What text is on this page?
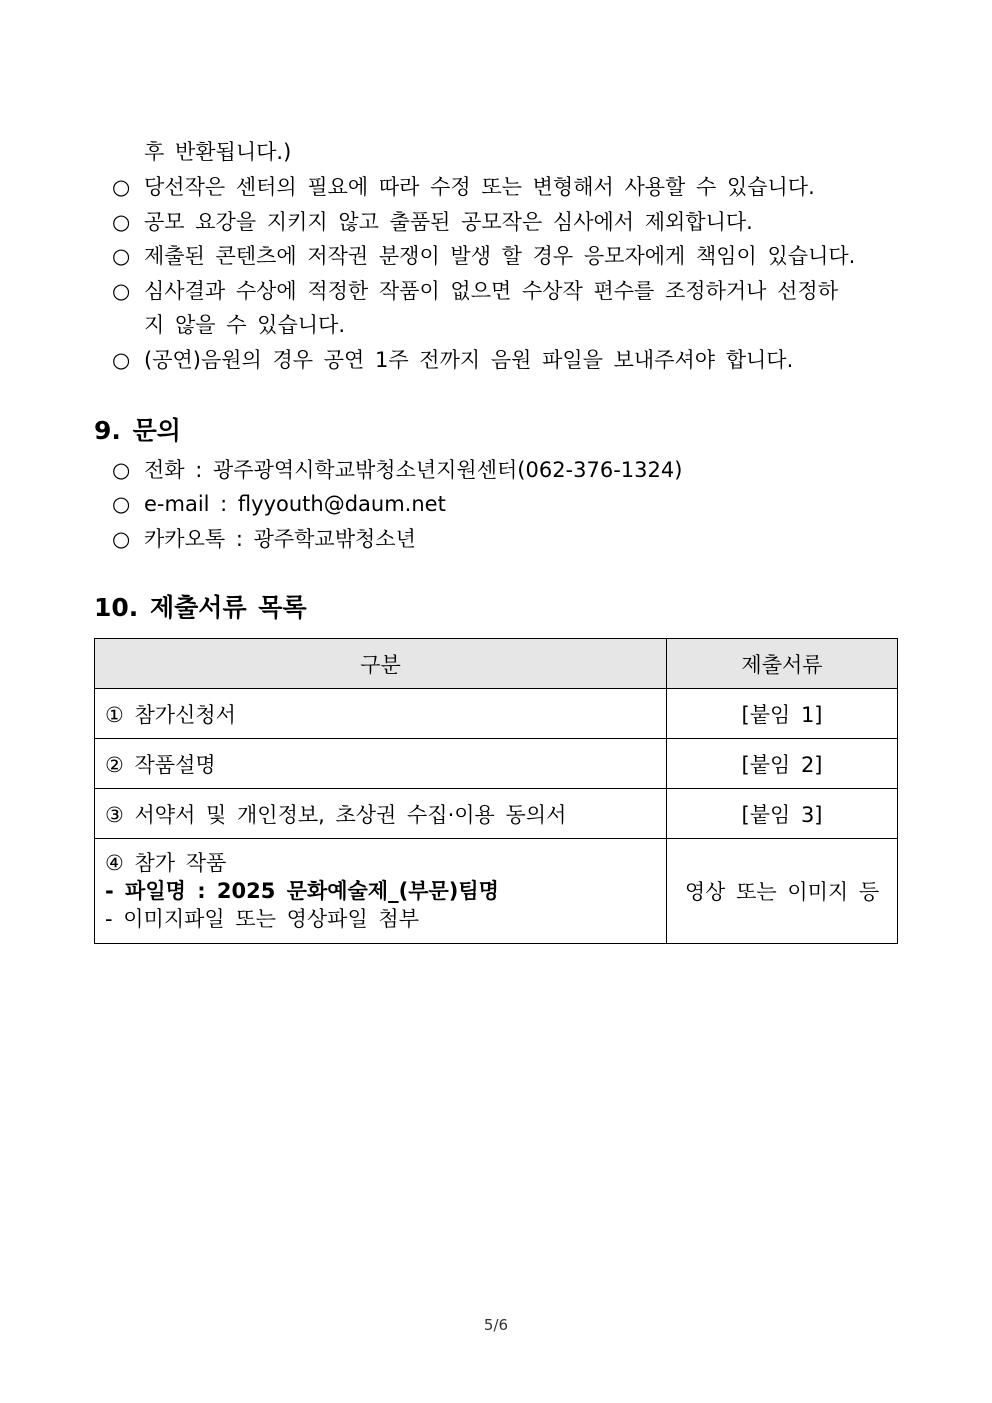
후 반환됩니다.)
○ 당선작은 센터의 필요에 따라 수정 또는 변형해서 사용할 수 있습니다.
○ 공모 요강을 지키지 않고 출품된 공모작은 심사에서 제외합니다.
○ 제출된 콘텐츠에 저작권 분쟁이 발생 할 경우 응모자에게 책임이 있습니다.
○ 심사결과 수상에 적정한 작품이 없으면 수상작 편수를 조정하거나 선정하
지 않을 수 있습니다.
○ (공연)음원의 경우 공연 1주 전까지 음원 파일을 보내주셔야 합니다.
9. 문의
○ 전화 : 광주광역시학교밖청소년지원센터(062-376-1324)
○ e-mail : flyyouth@daum.net
○ 카카오톡 : 광주학교밖청소년
10. 제출서류 목록
구분	제출서류
① 참가신청서	[붙임 1]
② 작품설명	[붙임 2]
③ 서약서 및 개인정보, 초상권 수집·이용 동의서	[붙임 3]

④ 참가 작품
- 파일명 : 2025 문화예술제_(부문)팀명
- 이미지파일 또는 영상파일 첨부	영상 또는 이미지 등
5/6
